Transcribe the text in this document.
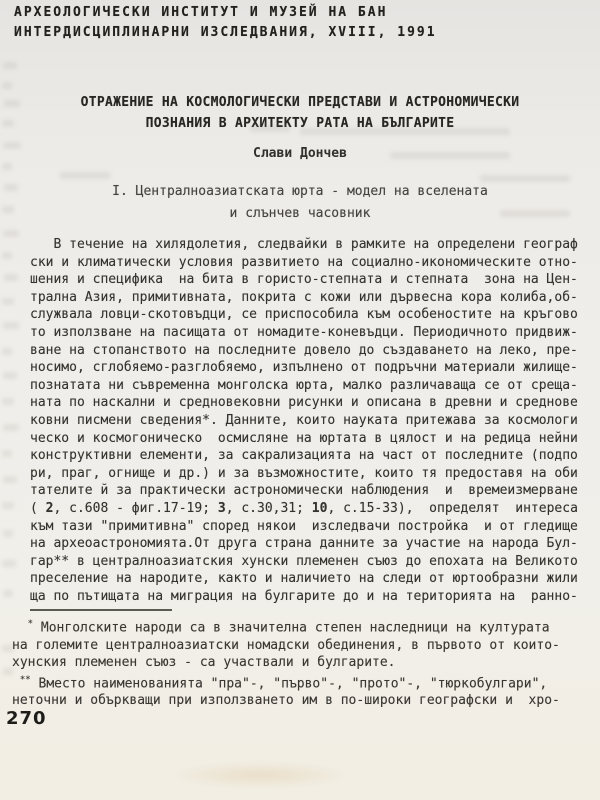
АРХЕОЛОГИЧЕСКИ ИНСТИТУТ И МУЗЕЙ НА БАН
ИНТЕРДИСЦИПЛИНАРНИ ИЗСЛЕДВАНИЯ, XVIII, 1991
ОТРАЖЕНИЕ НА КОСМОЛОГИЧЕСКИ ПРЕДСТАВИ И АСТРОНОМИЧЕСКИ
ПОЗНАНИЯ В АРХИТЕКТУ РАТА НА БЪЛГАРИТЕ
Слави Дончев
I. Централноазиатската юрта - модел на вселената
и слънчев часовник
В течение на хилядолетия, следвайки в рамките на определени географ
ски и климатически условия развитието на социално-икономическите отно-
шения и специфика  на бита в гористо-степната и степната  зона на Цен-
трална Азия, примитивната, покрита с кожи или дървесна кора колиба,об-
служвала ловци-скотовъдци, се приспособила към особеностите на кръгово
то използване на пасищата от номадите-коневъдци. Периодичното придвиж-
ване на стопанството на последните довело до създаването на леко, пре-
носимо, сглобяемо-разглобяемо, изпълнено от подръчни материали жилище-
познатата ни съвременна монголска юрта, малко различаваща се от среща-
ната по наскални и средновековни рисунки и описана в древни и среднове
ковни писмени сведения*. Данните, които науката притежава за космологи
ческо и космогоническо  осмисляне на юртата в цялост и на редица нейни
конструктивни елементи, за сакрализацията на част от последните (подпо
ри, праг, огнище и др.) и за възможностите, които тя предоставя на оби
тателите й за практически астрономически наблюдения  и  времеизмерване
( 2, с.608 - фиг.17-19; 3, с.30,31; 10, с.15-33),  определят  интереса
към тази "примитивна" според някои  изследвачи постройка  и от гледище
на археоастрономията.От друга страна данните за участие на народа Бул-
гар** в централноазиатския хунски племенен съюз до епохата на Великото
преселение на народите, както и наличието на следи от юртообразни жили
ща по пътищата на миграция на булгарите до и на територията на  ранно-
* Монголските народи са в значителна степен наследници на културата
на големите централноазиатски номадски обединения, в първото от които-
хунския племенен съюз - са участвали и булгарите.
** Вместо наименованията "пра"-, "първо"-, "прото"-, "тюркобулгари",
неточни и объркващи при използването им в по-широки географски и  хро-
270
